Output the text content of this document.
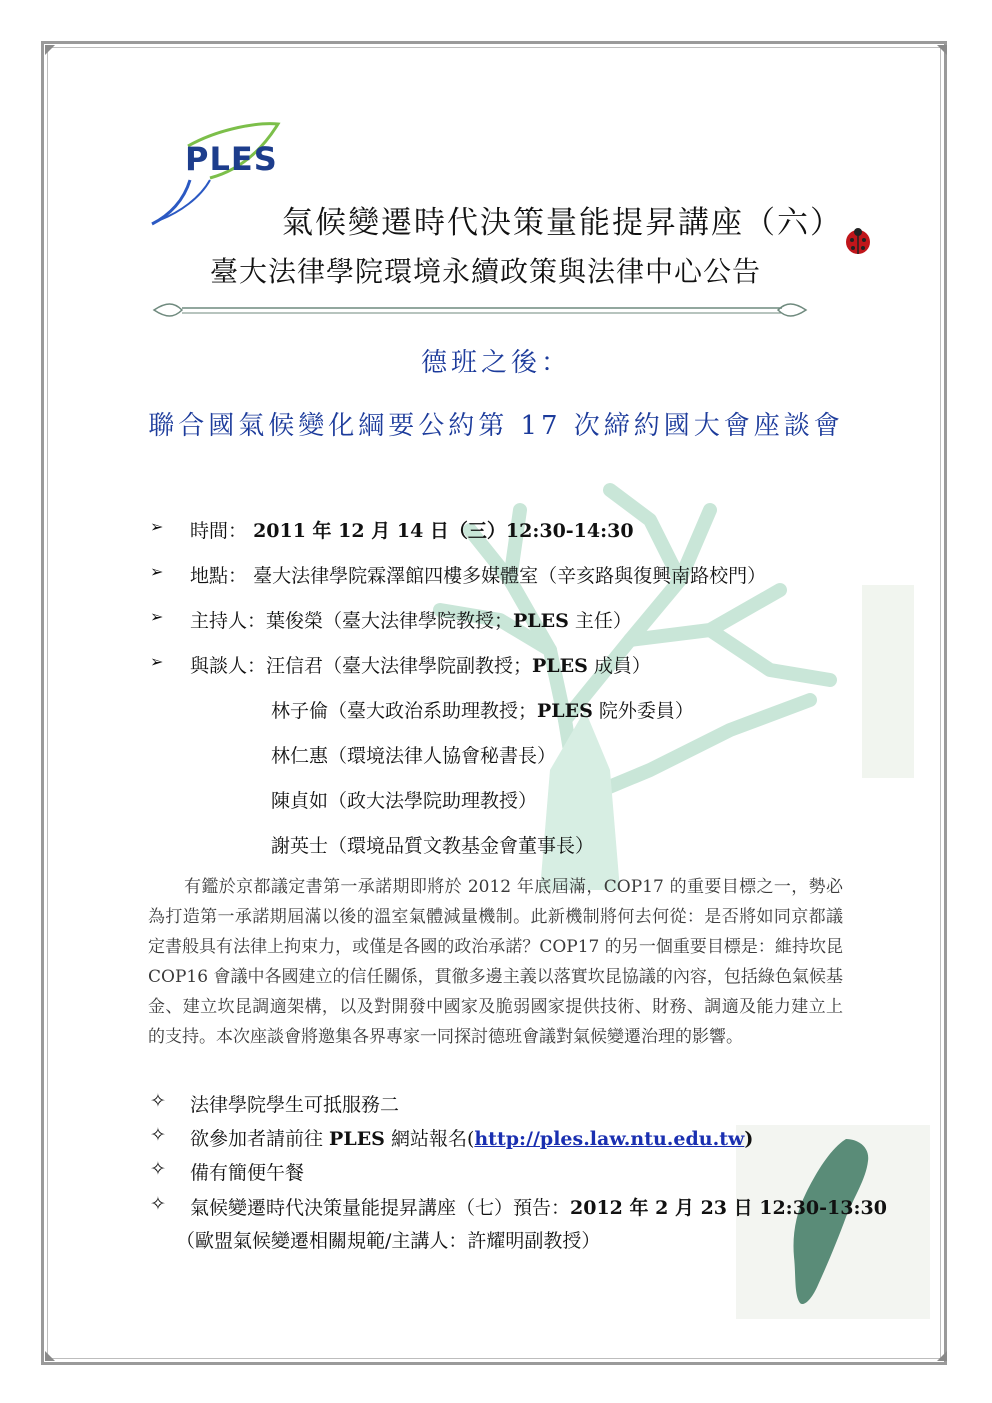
PLES
氣候變遷時代決策量能提昇講座（六）
臺大法律學院環境永續政策與法律中心公告
德班之後：
聯合國氣候變化綱要公約第 17 次締約國大會座談會
➢ 時間： 2011 年 12 月 14 日（三）12:30-14:30
➢ 地點： 臺大法律學院霖澤館四樓多媒體室（辛亥路與復興南路校門）
➢ 主持人：葉俊榮（臺大法律學院教授；PLES 主任）
➢ 與談人：汪信君（臺大法律學院副教授；PLES 成員）
林子倫（臺大政治系助理教授；PLES 院外委員）
林仁惠（環境法律人協會秘書長）
陳貞如（政大法學院助理教授）
謝英士（環境品質文教基金會董事長）
有鑑於京都議定書第一承諾期即將於 2012 年底屆滿，COP17 的重要目標之一，勢必為打造第一承諾期屆滿以後的溫室氣體減量機制。此新機制將何去何從：是否將如同京都議定書般具有法律上拘束力，或僅是各國的政治承諾？COP17 的另一個重要目標是：維持坎昆 COP16 會議中各國建立的信任關係，貫徹多邊主義以落實坎昆協議的內容，包括綠色氣候基金、建立坎昆調適架構，以及對開發中國家及脆弱國家提供技術、財務、調適及能力建立上的支持。本次座談會將邀集各界專家一同探討德班會議對氣候變遷治理的影響。
✧ 法律學院學生可抵服務二
✧ 欲參加者請前往 PLES 網站報名(http://ples.law.ntu.edu.tw)
✧ 備有簡便午餐
✧ 氣候變遷時代決策量能提昇講座（七）預告：2012 年 2 月 23 日 12:30-13:30
（歐盟氣候變遷相關規範/主講人：許耀明副教授）
